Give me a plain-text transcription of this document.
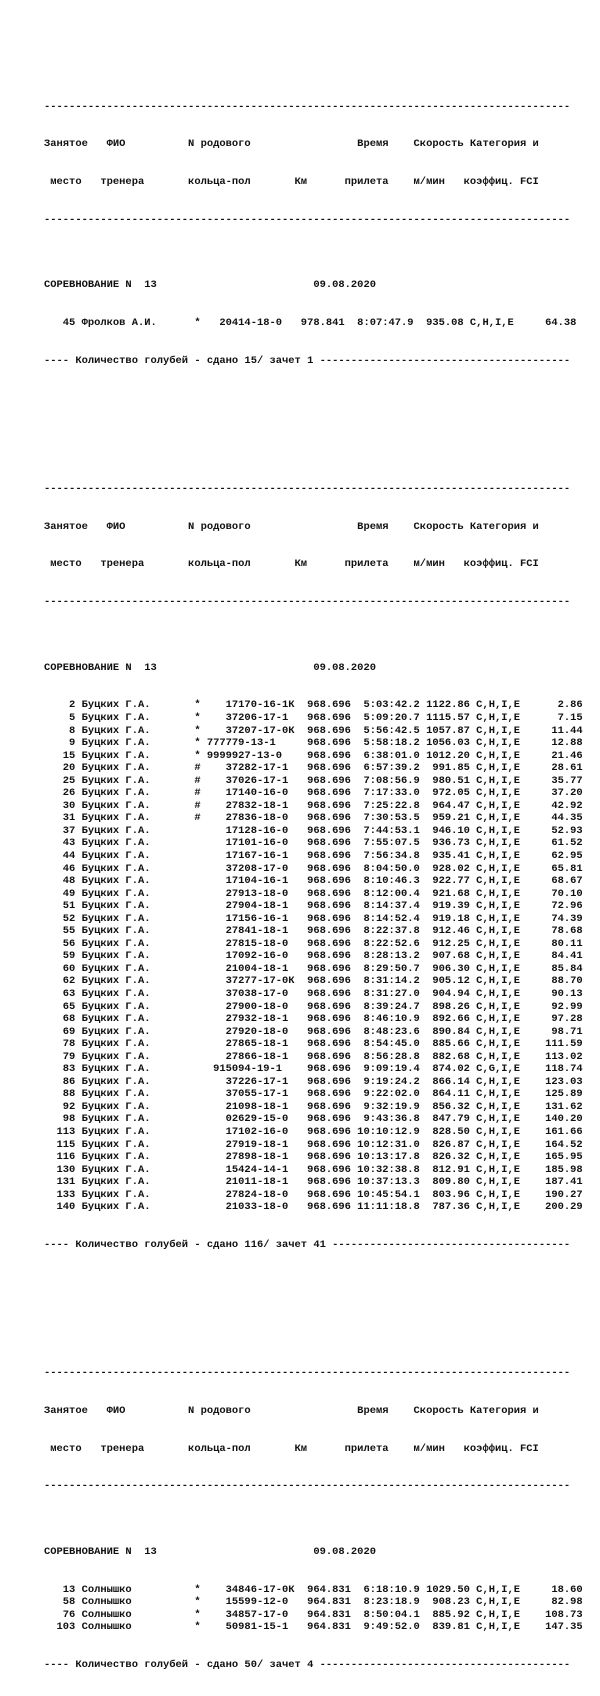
------------------------------------------------------------------------------------

Занятое   ФИО          N родового                 Время    Скорость Категория и

место   тренера       кольца-пол       Км      прилета    м/мин   коэффиц. FCI

------------------------------------------------------------------------------------

СОРЕВНОВАНИЕ N  13                         09.08.2020

45 Фролков А.И.      *   20414-18-0   978.841  8:07:47.9  935.08 C,H,I,E     64.38

---- Количество голубей - сдано 15/ зачет 1 ----------------------------------------

------------------------------------------------------------------------------------

Занятое   ФИО          N родового                 Время    Скорость Категория и

место   тренера       кольца-пол       Км      прилета    м/мин   коэффиц. FCI

------------------------------------------------------------------------------------

СОРЕВНОВАНИЕ N  13                         09.08.2020

2 Буцких Г.А.       *    17170-16-1К  968.696  5:03:42.2 1122.86 C,H,I,E      2.86
5 Буцких Г.А.       *    37206-17-1   968.696  5:09:20.7 1115.57 C,H,I,E      7.15
8 Буцких Г.А.       *    37207-17-0К  968.696  5:56:42.5 1057.87 C,H,I,E     11.44
9 Буцких Г.А.       * 777779-13-1     968.696  5:58:18.2 1056.03 C,H,I,E     12.88
15 Буцких Г.А.       * 9999927-13-0    968.696  6:38:01.0 1012.20 C,H,I,E     21.46
20 Буцких Г.А.       #    37282-17-1   968.696  6:57:39.2  991.85 C,H,I,E     28.61
25 Буцких Г.А.       #    37026-17-1   968.696  7:08:56.9  980.51 C,H,I,E     35.77
26 Буцких Г.А.       #    17140-16-0   968.696  7:17:33.0  972.05 C,H,I,E     37.20
30 Буцких Г.А.       #    27832-18-1   968.696  7:25:22.8  964.47 C,H,I,E     42.92
31 Буцких Г.А.       #    27836-18-0   968.696  7:30:53.5  959.21 C,H,I,E     44.35
37 Буцких Г.А.            17128-16-0   968.696  7:44:53.1  946.10 C,H,I,E     52.93
43 Буцких Г.А.            17101-16-0   968.696  7:55:07.5  936.73 C,H,I,E     61.52
44 Буцких Г.А.            17167-16-1   968.696  7:56:34.8  935.41 C,H,I,E     62.95
46 Буцких Г.А.            37208-17-0   968.696  8:04:50.0  928.02 C,H,I,E     65.81
48 Буцких Г.А.            17104-16-1   968.696  8:10:46.3  922.77 C,H,I,E     68.67
49 Буцких Г.А.            27913-18-0   968.696  8:12:00.4  921.68 C,H,I,E     70.10
51 Буцких Г.А.            27904-18-1   968.696  8:14:37.4  919.39 C,H,I,E     72.96
52 Буцких Г.А.            17156-16-1   968.696  8:14:52.4  919.18 C,H,I,E     74.39
55 Буцких Г.А.            27841-18-1   968.696  8:22:37.8  912.46 C,H,I,E     78.68
56 Буцких Г.А.            27815-18-0   968.696  8:22:52.6  912.25 C,H,I,E     80.11
59 Буцких Г.А.            17092-16-0   968.696  8:28:13.2  907.68 C,H,I,E     84.41
60 Буцких Г.А.            21004-18-1   968.696  8:29:50.7  906.30 C,H,I,E     85.84
62 Буцких Г.А.            37277-17-0К  968.696  8:31:14.2  905.12 C,H,I,E     88.70
63 Буцких Г.А.            37038-17-0   968.696  8:31:27.0  904.94 C,H,I,E     90.13
65 Буцких Г.А.            27900-18-0   968.696  8:39:24.7  898.26 C,H,I,E     92.99
68 Буцких Г.А.            27932-18-1   968.696  8:46:10.9  892.66 C,H,I,E     97.28
69 Буцких Г.А.            27920-18-0   968.696  8:48:23.6  890.84 C,H,I,E     98.71
78 Буцких Г.А.            27865-18-1   968.696  8:54:45.0  885.66 C,H,I,E    111.59
79 Буцких Г.А.            27866-18-1   968.696  8:56:28.8  882.68 C,H,I,E    113.02
83 Буцких Г.А.          915094-19-1    968.696  9:09:19.4  874.02 C,G,I,E    118.74
86 Буцких Г.А.            37226-17-1   968.696  9:19:24.2  866.14 C,H,I,E    123.03
88 Буцких Г.А.            37055-17-1   968.696  9:22:02.0  864.11 C,H,I,E    125.89
92 Буцких Г.А.            21098-18-1   968.696  9:32:19.9  856.32 C,H,I,E    131.62
98 Буцких Г.А.            02629-15-0   968.696  9:43:36.8  847.79 C,H,I,E    140.20
113 Буцких Г.А.            17102-16-0   968.696 10:10:12.9  828.50 C,H,I,E    161.66
115 Буцких Г.А.            27919-18-1   968.696 10:12:31.0  826.87 C,H,I,E    164.52
116 Буцких Г.А.            27898-18-1   968.696 10:13:17.8  826.32 C,H,I,E    165.95
130 Буцких Г.А.            15424-14-1   968.696 10:32:38.8  812.91 C,H,I,E    185.98
131 Буцких Г.А.            21011-18-1   968.696 10:37:13.3  809.80 C,H,I,E    187.41
133 Буцких Г.А.            27824-18-0   968.696 10:45:54.1  803.96 C,H,I,E    190.27
140 Буцких Г.А.            21033-18-0   968.696 11:11:18.8  787.36 C,H,I,E    200.29

---- Количество голубей - сдано 116/ зачет 41 --------------------------------------

------------------------------------------------------------------------------------

Занятое   ФИО          N родового                 Время    Скорость Категория и

место   тренера       кольца-пол       Км      прилета    м/мин   коэффиц. FCI

------------------------------------------------------------------------------------

СОРЕВНОВАНИЕ N  13                         09.08.2020

13 Солнышко          *    34846-17-0К  964.831  6:18:10.9 1029.50 C,H,I,E     18.60
58 Солнышко          *    15599-12-0   964.831  8:23:18.9  908.23 C,H,I,E     82.98
76 Солнышко          *    34857-17-0   964.831  8:50:04.1  885.92 C,H,I,E    108.73
103 Солнышко          *    50981-15-1   964.831  9:49:52.0  839.81 C,H,I,E    147.35

---- Количество голубей - сдано 50/ зачет 4 ----------------------------------------
